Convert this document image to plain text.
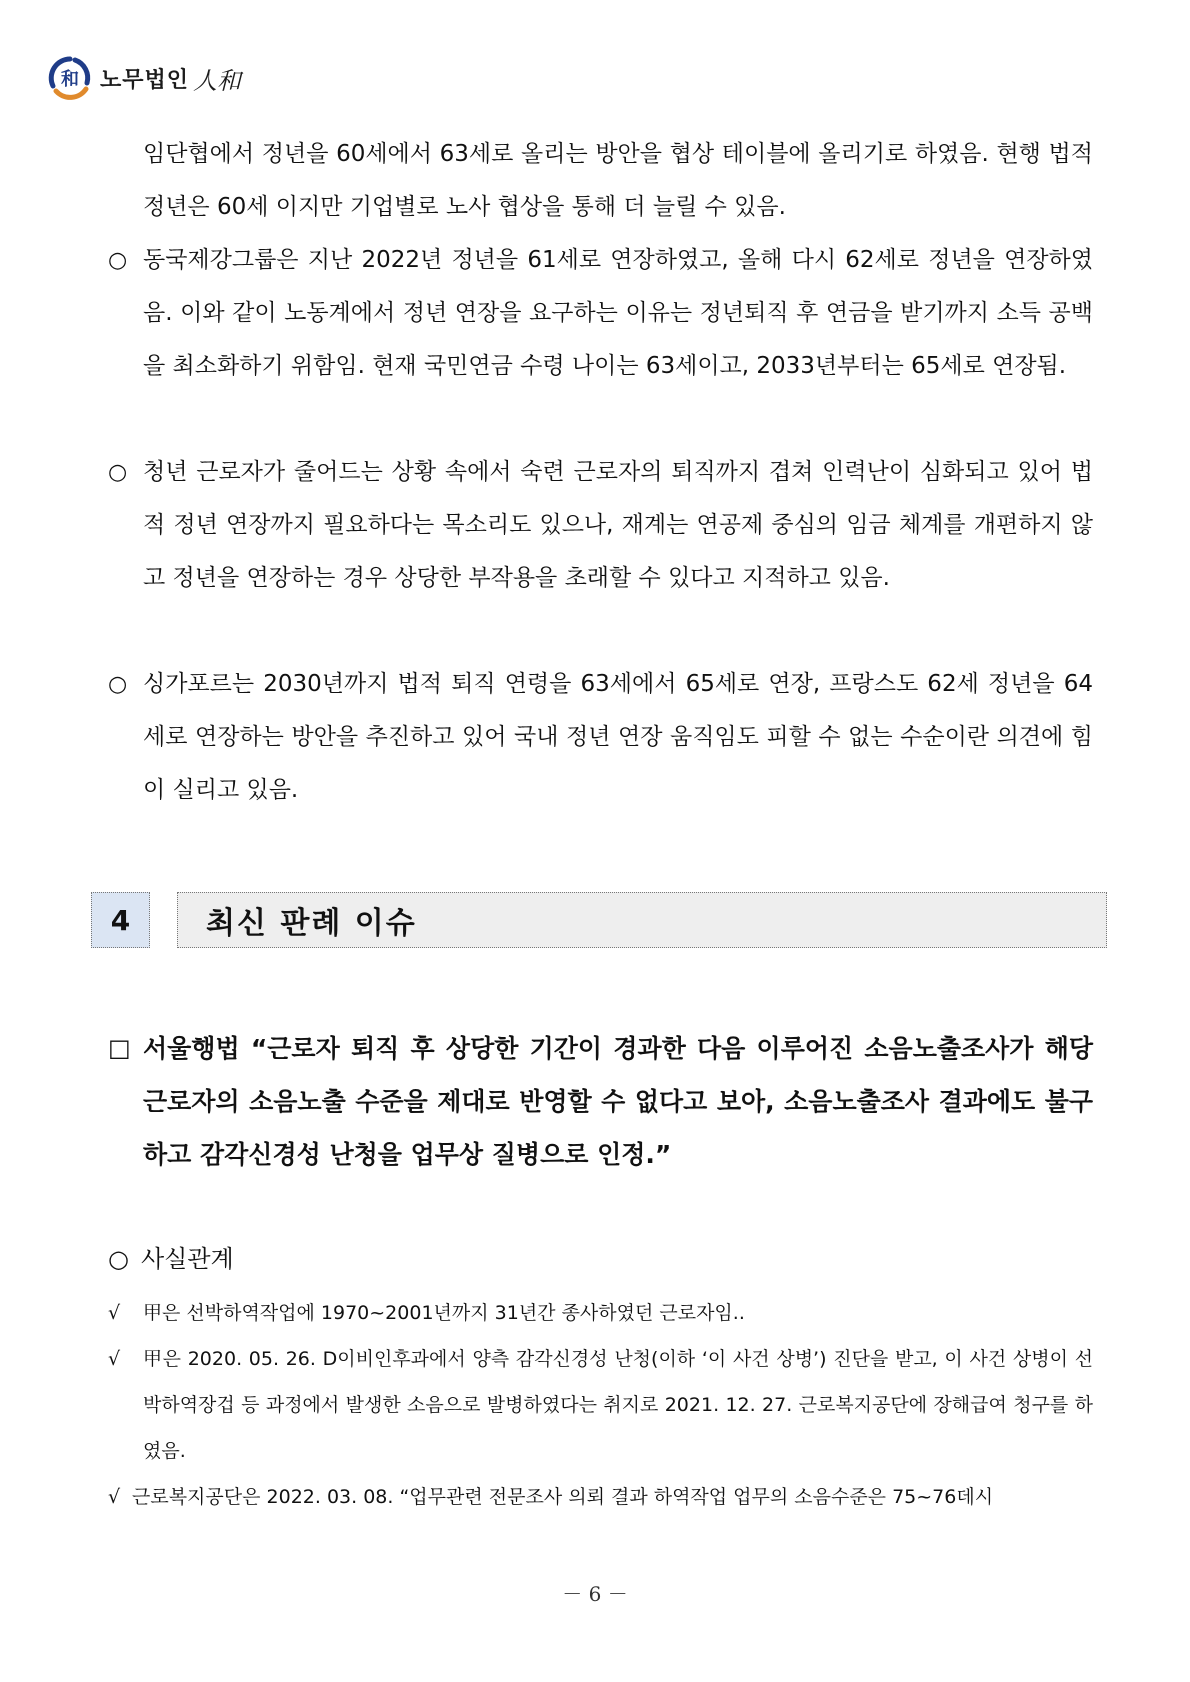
和 노무법인 人和
임단협에서 정년을 60세에서 63세로 올리는 방안을 협상 테이블에 올리기로 하였음. 현행 법적 정년은 60세 이지만 기업별로 노사 협상을 통해 더 늘릴 수 있음.
○ 동국제강그룹은 지난 2022년 정년을 61세로 연장하였고, 올해 다시 62세로 정년을 연장하였음. 이와 같이 노동계에서 정년 연장을 요구하는 이유는 정년퇴직 후 연금을 받기까지 소득 공백을 최소화하기 위함임. 현재 국민연금 수령 나이는 63세이고, 2033년부터는 65세로 연장됨.
○ 청년 근로자가 줄어드는 상황 속에서 숙련 근로자의 퇴직까지 겹쳐 인력난이 심화되고 있어 법적 정년 연장까지 필요하다는 목소리도 있으나, 재계는 연공제 중심의 임금 체계를 개편하지 않고 정년을 연장하는 경우 상당한 부작용을 초래할 수 있다고 지적하고 있음.
○ 싱가포르는 2030년까지 법적 퇴직 연령을 63세에서 65세로 연장, 프랑스도 62세 정년을 64세로 연장하는 방안을 추진하고 있어 국내 정년 연장 움직임도 피할 수 없는 수순이란 의견에 힘이 실리고 있음.
4	최신 판례 이슈
□ 서울행법 “근로자 퇴직 후 상당한 기간이 경과한 다음 이루어진 소음노출조사가 해당 근로자의 소음노출 수준을 제대로 반영할 수 없다고 보아, 소음노출조사 결과에도 불구하고 감각신경성 난청을 업무상 질병으로 인정.”
○ 사실관계
√	甲은 선박하역작업에 1970~2001년까지 31년간 종사하였던 근로자임..
√	甲은 2020. 05. 26. D이비인후과에서 양측 감각신경성 난청(이하 ‘이 사건 상병’) 진단을 받고, 이 사건 상병이 선박하역장겁 등 과정에서 발생한 소음으로 발병하였다는 취지로 2021. 12. 27. 근로복지공단에 장해급여 청구를 하였음.
√ 근로복지공단은 2022. 03. 08. “업무관련 전문조사 의뢰 결과 하역작업 업무의 소음수준은 75~76데시
－ 6 －
